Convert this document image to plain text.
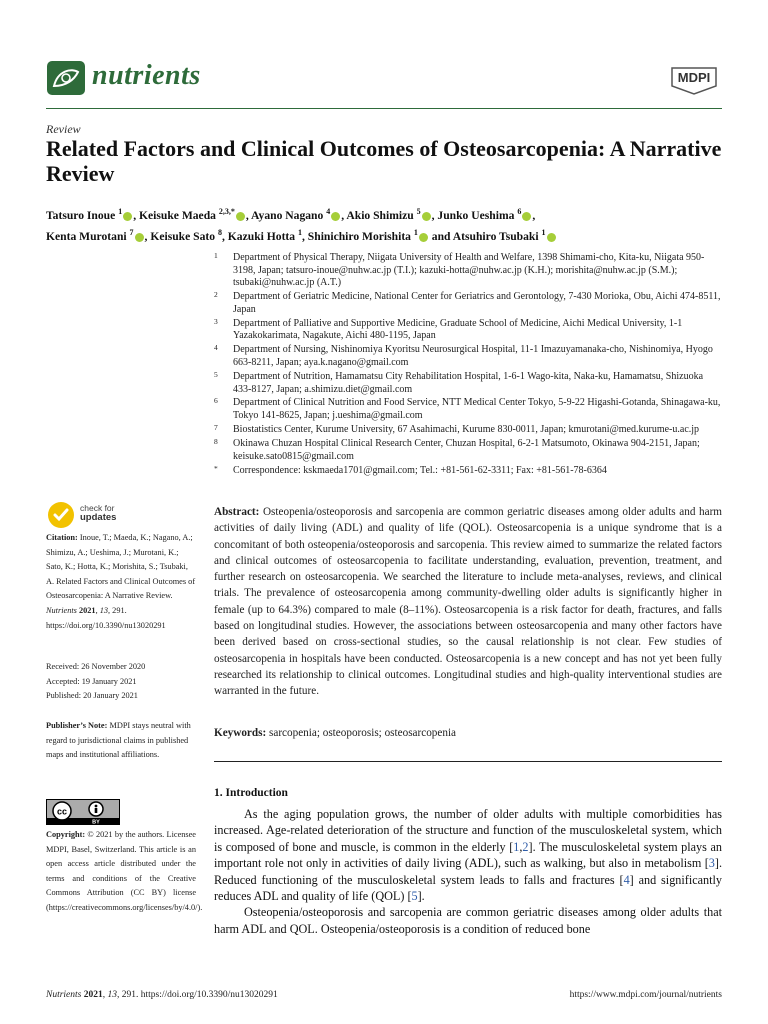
nutrients	MDPI
Review
Related Factors and Clinical Outcomes of Osteosarcopenia: A Narrative Review
Tatsuro Inoue $^1$ , Keisuke Maeda $^{2,3,*}$ , Ayano Nagano $^4$ , Akio Shimizu $^5$ , Junko Ueshima $^6$ ,
Kenta Murotani $^7$ , Keisuke Sato $^8$, Kazuki Hotta $^1$, Shinichiro Morishita $^1$ and Atsuhiro Tsubaki $^1$
1 Department of Physical Therapy, Niigata University of Health and Welfare, 1398 Shimami-cho, Kita-ku, Niigata 950-3198, Japan; tatsuro-inoue@nuhw.ac.jp (T.I.); kazuki-hotta@nuhw.ac.jp (K.H.); morishita@nuhw.ac.jp (S.M.); tsubaki@nuhw.ac.jp (A.T.)
2 Department of Geriatric Medicine, National Center for Geriatrics and Gerontology, 7-430 Morioka, Obu, Aichi 474-8511, Japan
3 Department of Palliative and Supportive Medicine, Graduate School of Medicine, Aichi Medical University, 1-1 Yazakokarimata, Nagakute, Aichi 480-1195, Japan
4 Department of Nursing, Nishinomiya Kyoritsu Neurosurgical Hospital, 11-1 Imazuyamanaka-cho, Nishinomiya, Hyogo 663-8211, Japan; aya.k.nagano@gmail.com
5 Department of Nutrition, Hamamatsu City Rehabilitation Hospital, 1-6-1 Wago-kita, Naka-ku, Hamamatsu, Shizuoka 433-8127, Japan; a.shimizu.diet@gmail.com
6 Department of Clinical Nutrition and Food Service, NTT Medical Center Tokyo, 5-9-22 Higashi-Gotanda, Shinagawa-ku, Tokyo 141-8625, Japan; j.ueshima@gmail.com
7 Biostatistics Center, Kurume University, 67 Asahimachi, Kurume 830-0011, Japan; kmurotani@med.kurume-u.ac.jp
8 Okinawa Chuzan Hospital Clinical Research Center, Chuzan Hospital, 6-2-1 Matsumoto, Okinawa 904-2151, Japan; keisuke.sato0815@gmail.com
* Correspondence: kskmaeda1701@gmail.com; Tel.: +81-561-62-3311; Fax: +81-561-78-6364
check for
updates
Citation: Inoue, T.; Maeda, K.; Nagano, A.; Shimizu, A.; Ueshima, J.; Murotani, K.; Sato, K.; Hotta, K.; Morishita, S.; Tsubaki, A. Related Factors and Clinical Outcomes of Osteosarcopenia: A Narrative Review. Nutrients 2021, 13, 291. https://doi.org/10.3390/nu13020291
Received: 26 November 2020
Accepted: 19 January 2021
Published: 20 January 2021
Publisher’s Note: MDPI stays neutral with regard to jurisdictional claims in published maps and institutional affiliations.
cc
BY
Copyright: © 2021 by the authors. Licensee MDPI, Basel, Switzerland. This article is an open access article distributed under the terms and conditions of the Creative Commons Attribution (CC BY) license (https://creativecommons.org/licenses/by/4.0/).
Abstract: Osteopenia/osteoporosis and sarcopenia are common geriatric diseases among older adults and harm activities of daily living (ADL) and quality of life (QOL). Osteosarcopenia is a unique syndrome that is a concomitant of both osteopenia/osteoporosis and sarcopenia. This review aimed to summarize the related factors and clinical outcomes of osteosarcopenia to facilitate understanding, evaluation, prevention, treatment, and further research on osteosarcopenia. We searched the literature to include meta-analyses, reviews, and clinical trials. The prevalence of osteosarcopenia among community-dwelling older adults is significantly higher in female (up to 64.3%) compared to male (8–11%). Osteosarcopenia is a risk factor for death, fractures, and falls based on longitudinal studies. However, the associations between osteosarcopenia and many other factors have been derived based on cross-sectional studies, so the causal relationship is not clear. Few studies of osteosarcopenia in hospitals have been conducted. Osteosarcopenia is a new concept and has not yet been fully researched its relationship to clinical outcomes. Longitudinal studies and high-quality interventional studies are warranted in the future.
Keywords: sarcopenia; osteoporosis; osteosarcopenia
1. Introduction

As the aging population grows, the number of older adults with multiple comorbidities has increased. Age-related deterioration of the structure and function of the musculoskeletal system, which is composed of bone and muscle, is common in the elderly [1,2]. The musculoskeletal system plays an important role not only in activities of daily living (ADL), such as walking, but also in metabolism [3]. Reduced functioning of the musculoskeletal system leads to falls and fractures [4] and significantly reduces ADL and quality of life (QOL) [5].

Osteopenia/osteoporosis and sarcopenia are common geriatric diseases among older adults that harm ADL and QOL. Osteopenia/osteoporosis is a condition of reduced bone

Nutrients 2021, 13, 291. https://doi.org/10.3390/nu13020291	https://www.mdpi.com/journal/nutrients
